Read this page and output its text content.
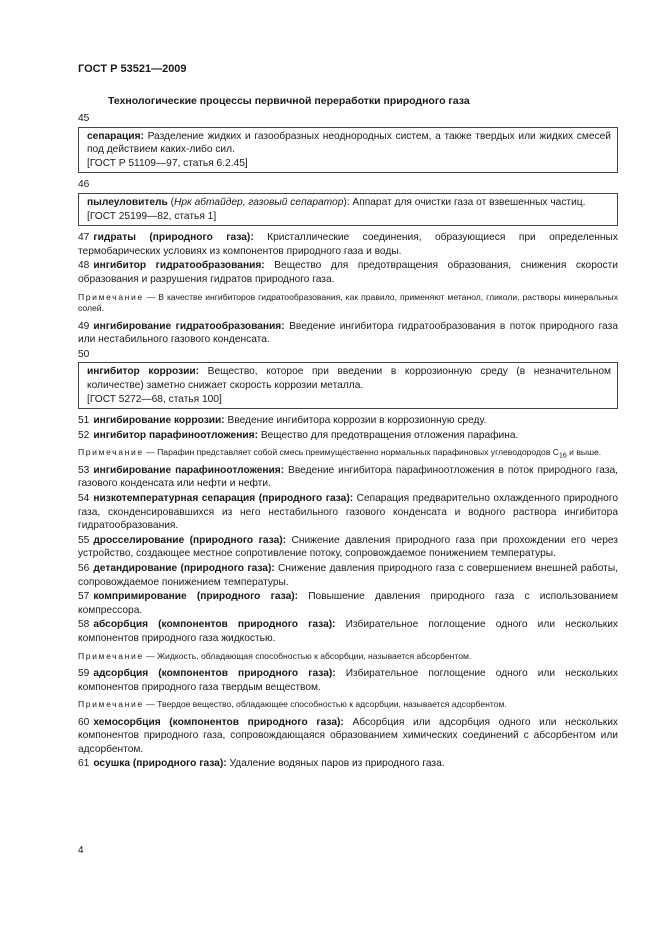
ГОСТ Р 53521—2009
Технологические процессы первичной переработки природного газа
45

сепарация: Разделение жидких и газообразных неоднородных систем, а также твердых или жидких смесей под действием каких-либо сил.

[ГОСТ Р 51109—97, статья 6.2.45]

46

пылеуловитель (Нрк абтайдер, газовый сепаратор): Аппарат для очистки газа от взвешенных частиц.

[ГОСТ 25199—82, статья 1]

47 гидраты (природного газа): Кристаллические соединения, образующиеся при определенных термобарических условиях из компонентов природного газа и воды.

48 ингибитор гидратообразования: Вещество для предотвращения образования, снижения скорости образования и разрушения гидратов природного газа.

Примечание — В качестве ингибиторов гидратообразования, как правило, применяют метанол, гликоли, растворы минеральных солей.

49 ингибирование гидратообразования: Введение ингибитора гидратообразования в поток природного газа или нестабильного газового конденсата.

50

ингибитор коррозии: Вещество, которое при введении в коррозионную среду (в незначительном количестве) заметно снижает скорость коррозии металла.

[ГОСТ 5272—68, статья 100]

51 ингибирование коррозии: Введение ингибитора коррозии в коррозионную среду.

52 ингибитор парафиноотложения: Вещество для предотвращения отложения парафина.

Примечание — Парафин представляет собой смесь преимущественно нормальных парафиновых углеводородов $C_{16}$ и выше.

53 ингибирование парафиноотложения: Введение ингибитора парафиноотложения в поток природного газа, газового конденсата или нефти и нефти.

54 низкотемпературная сепарация (природного газа): Сепарация предварительно охлажденного природного газа, сконденсировавшихся из него нестабильного газового конденсата и водного раствора ингибитора гидратообразования.

55 дросселирование (природного газа): Снижение давления природного газа при прохождении его через устройство, создающее местное сопротивление потоку, сопровождаемое понижением температуры.

56 детандирование (природного газа): Снижение давления природного газа с совершением внешней работы, сопровождаемое понижением температуры.

57 компримирование (природного газа): Повышение давления природного газа с использованием компрессора.

58 абсорбция (компонентов природного газа): Избирательное поглощение одного или нескольких компонентов природного газа жидкостью.

Примечание — Жидкость, обладающая способностью к абсорбции, называется абсорбентом.

59 адсорбция (компонентов природного газа): Избирательное поглощение одного или нескольких компонентов природного газа твердым веществом.

Примечание — Твердое вещество, обладающее способностью к адсорбции, называется адсорбентом.

60 хемосорбция (компонентов природного газа): Абсорбция или адсорбция одного или нескольких компонентов природного газа, сопровождающаяся образованием химических соединений с абсорбентом или адсорбентом.

61 осушка (природного газа): Удаление водяных паров из природного газа.

4
